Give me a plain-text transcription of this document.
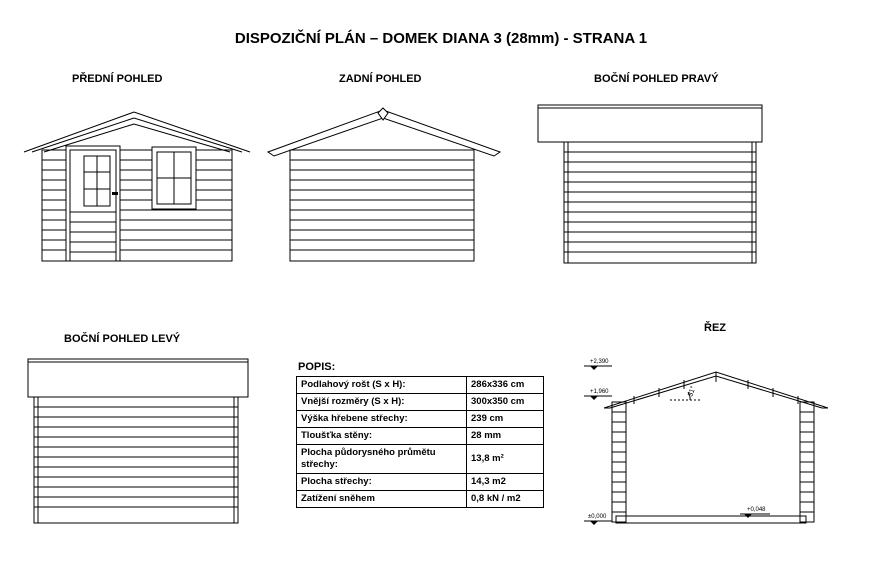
DISPOZIČNÍ PLÁN – DOMEK DIANA 3 (28mm) - STRANA 1
PŘEDNÍ POHLED	ZADNÍ POHLED	BOČNÍ POHLED PRAVÝ
BOČNÍ POHLED LEVÝ
ŘEZ
+2,390
+1,960
±0,000
+0,048
31°
POPIS:
Podlahový rošt (S x H):	286x336 cm
Vnější rozměry (S x H):	300x350 cm
Výška hřebene střechy:	239 cm
Tloušťka stěny:	28 mm
Plocha půdorysného průmětu střechy:	13,8 m²
Plocha střechy:	14,3 m2
Zatížení sněhem	0,8 kN / m2
